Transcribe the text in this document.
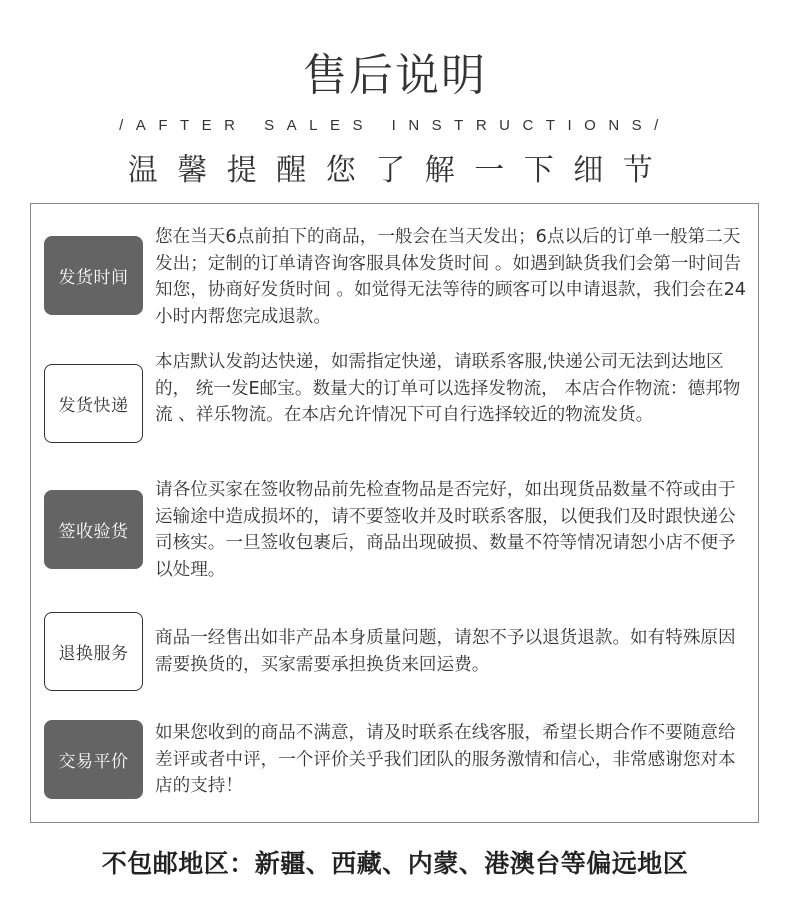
售后说明
/AFTER SALES INSTRUCTIONS/
温馨提醒您了解一下细节
发货时间

您在当天6点前拍下的商品，一般会在当天发出；6点以后的订单一般第二天发出；定制的订单请咨询客服具体发货时间 。如遇到缺货我们会第一时间告知您，协商好发货时间 。如觉得无法等待的顾客可以申请退款，我们会在24小时内帮您完成退款。

发货快递

本店默认发韵达快递，如需指定快递，请联系客服,快递公司无法到达地区的， 统一发E邮宝。数量大的订单可以选择发物流， 本店合作物流：德邦物流 、祥乐物流。在本店允许情况下可自行选择较近的物流发货。

签收验货

请各位买家在签收物品前先检查物品是否完好，如出现货品数量不符或由于运输途中造成损坏的，请不要签收并及时联系客服，以便我们及时跟快递公司核实。一旦签收包裹后，商品出现破损、数量不符等情况请恕小店不便予以处理。

退换服务

商品一经售出如非产品本身质量问题，请恕不予以退货退款。如有特殊原因需要换货的，买家需要承担换货来回运费。

交易平价

如果您收到的商品不满意，请及时联系在线客服，希望长期合作不要随意给差评或者中评，一个评价关乎我们团队的服务激情和信心，非常感谢您对本店的支持！

不包邮地区：新疆、西藏、内蒙、港澳台等偏远地区
